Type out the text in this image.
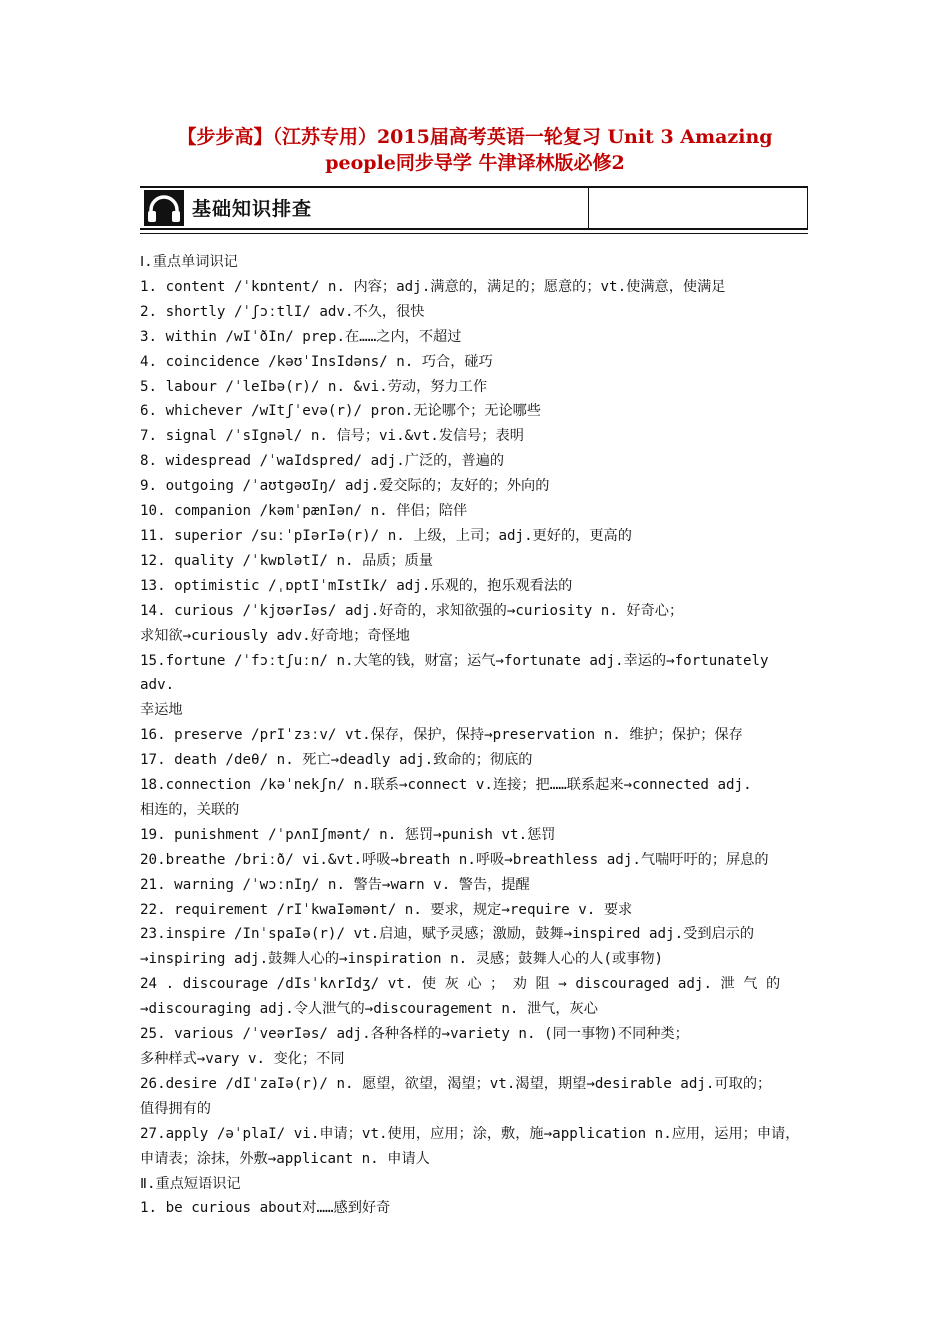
【步步高】（江苏专用）2015届高考英语一轮复习 Unit 3 Amazing
people同步导学 牛津译林版必修2
基础知识排查
Ⅰ.重点单词识记
1. content /ˈkɒntent/ n. 内容；adj.满意的，满足的；愿意的；vt.使满意，使满足
2. shortly /ˈʃɔːtlI/ adv.不久，很快
3. within /wIˈðIn/ prep.在……之内，不超过
4. coincidence /kəʊˈInsIdəns/ n. 巧合，碰巧
5. labour /ˈleIbə(r)/ n. &vi.劳动，努力工作
6. whichever /wItʃˈevə(r)/ pron.无论哪个；无论哪些
7. signal /ˈsIgnəl/ n. 信号；vi.&vt.发信号；表明
8. widespread /ˈwaIdspred/ adj.广泛的，普遍的
9. outgoing /ˈaʊtgəʊIŋ/ adj.爱交际的；友好的；外向的
10. companion /kəmˈpænIən/ n. 伴侣；陪伴
11. superior /suːˈpIərIə(r)/ n. 上级，上司；adj.更好的，更高的
12. quality /ˈkwɒlətI/ n. 品质；质量
13. optimistic /ˌɒptIˈmIstIk/ adj.乐观的，抱乐观看法的
14. curious /ˈkjʊərIəs/ adj.好奇的，求知欲强的→curiosity n. 好奇心；
求知欲→curiously adv.好奇地；奇怪地
15.fortune /ˈfɔːtʃuːn/ n.大笔的钱，财富；运气→fortunate adj.幸运的→fortunately
adv.
幸运地
16. preserve /prIˈzɜːv/ vt.保存，保护，保持→preservation n. 维护；保护；保存
17. death /deθ/ n. 死亡→deadly adj.致命的；彻底的
18.connection /kəˈnekʃn/ n.联系→connect v.连接；把……联系起来→connected adj.
相连的，关联的
19. punishment /ˈpʌnIʃmənt/ n. 惩罚→punish vt.惩罚
20.breathe /briːð/ vi.&vt.呼吸→breath n.呼吸→breathless adj.气喘吁吁的；屏息的
21. warning /ˈwɔːnIŋ/ n. 警告→warn v. 警告，提醒
22. requirement /rIˈkwaIəmənt/ n. 要求，规定→require v. 要求
23.inspire /InˈspaIə(r)/ vt.启迪，赋予灵感；激励，鼓舞→inspired adj.受到启示的
→inspiring adj.鼓舞人心的→inspiration n. 灵感；鼓舞人心的人(或事物)
24 . discourage /dIsˈkʌrIdʒ/ vt. 使 灰 心 ； 劝 阻 → discouraged adj. 泄 气 的
→discouraging adj.令人泄气的→discouragement n. 泄气，灰心
25. various /ˈveərIəs/ adj.各种各样的→variety n. (同一事物)不同种类；
多种样式→vary v. 变化；不同
26.desire /dIˈzaIə(r)/ n. 愿望，欲望，渴望；vt.渴望，期望→desirable adj.可取的；
值得拥有的
27.apply /əˈplaI/ vi.申请；vt.使用，应用；涂，敷，施→application n.应用，运用；申请，
申请表；涂抹，外敷→applicant n. 申请人
Ⅱ.重点短语识记
1. be curious about对……感到好奇
